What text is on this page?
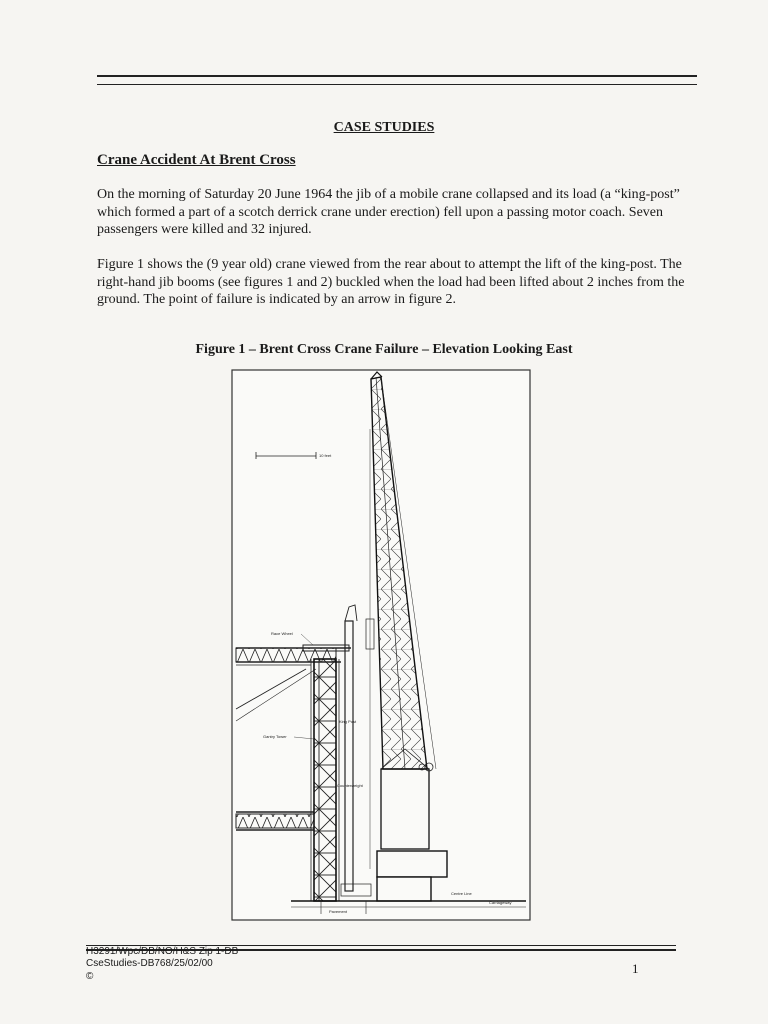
CASE STUDIES
Crane Accident At Brent Cross
On the morning of Saturday 20 June 1964 the jib of a mobile crane collapsed and its load (a “king-post” which formed a part of a scotch derrick crane under erection) fell upon a passing motor coach. Seven passengers were killed and 32 injured.
Figure 1 shows the (9 year old) crane viewed from the rear about to attempt the lift of the king-post. The right-hand jib booms (see figures 1 and 2) buckled when the load had been lifted about 2 inches from the ground. The point of failure is indicated by an arrow in figure 2.
Figure 1 – Brent Cross Crane Failure – Elevation Looking East
10 feet
Gantry Tower
Race Wheel
King Post
Counterweight
Pavement
Centre Line
Carriageway
H3291/Wpc/DB/NO/H&S Zip 1-DB
CseStudies-DB768/25/02/00
©
1
